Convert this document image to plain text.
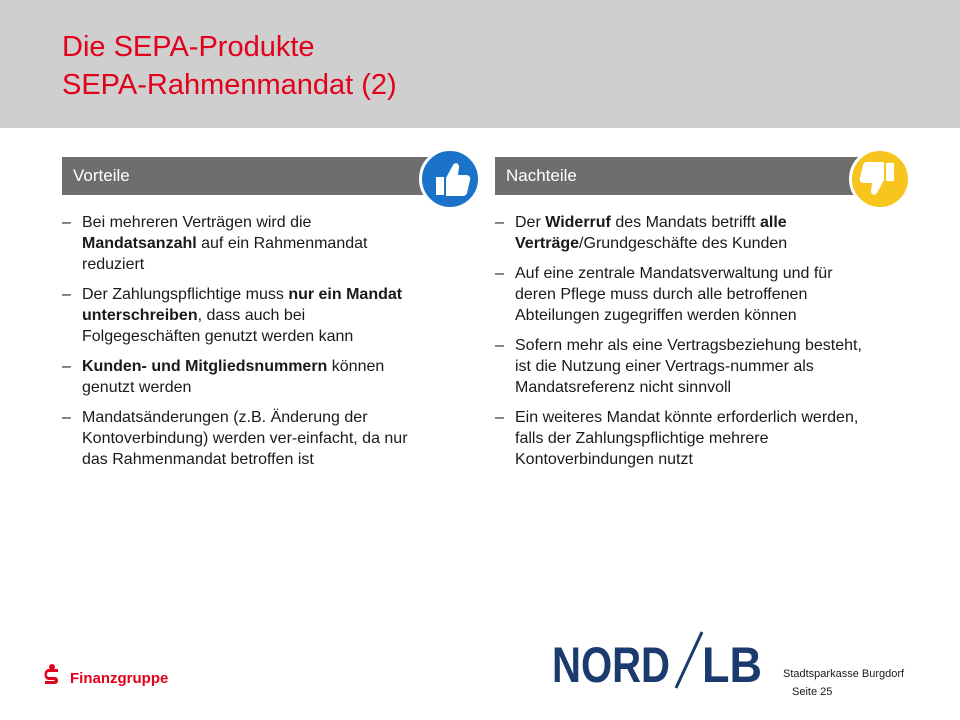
Die SEPA-Produkte
SEPA-Rahmenmandat (2)
Vorteile
– Bei mehreren Verträgen wird die Mandatsanzahl auf ein Rahmenmandat reduziert
– Der Zahlungspflichtige muss nur ein Mandat unterschreiben, dass auch bei Folgegeschäften genutzt werden kann
– Kunden- und Mitgliedsnummern können genutzt werden
– Mandatsänderungen (z.B. Änderung der Kontoverbindung) werden ver-einfacht, da nur das Rahmenmandat betroffen ist
Nachteile
– Der Widerruf des Mandats betrifft alle Verträge/Grundgeschäfte des Kunden
– Auf eine zentrale Mandatsverwaltung und für deren Pflege muss durch alle betroffenen Abteilungen zugegriffen werden können
– Sofern mehr als eine Vertragsbeziehung besteht, ist die Nutzung einer Vertrags-nummer als Mandatsreferenz nicht sinnvoll
– Ein weiteres Mandat könnte erforderlich werden, falls der Zahlungspflichtige mehrere Kontoverbindungen nutzt
Finanzgruppe	NORD LB Stadtsparkasse Burgdorf
Seite 25
